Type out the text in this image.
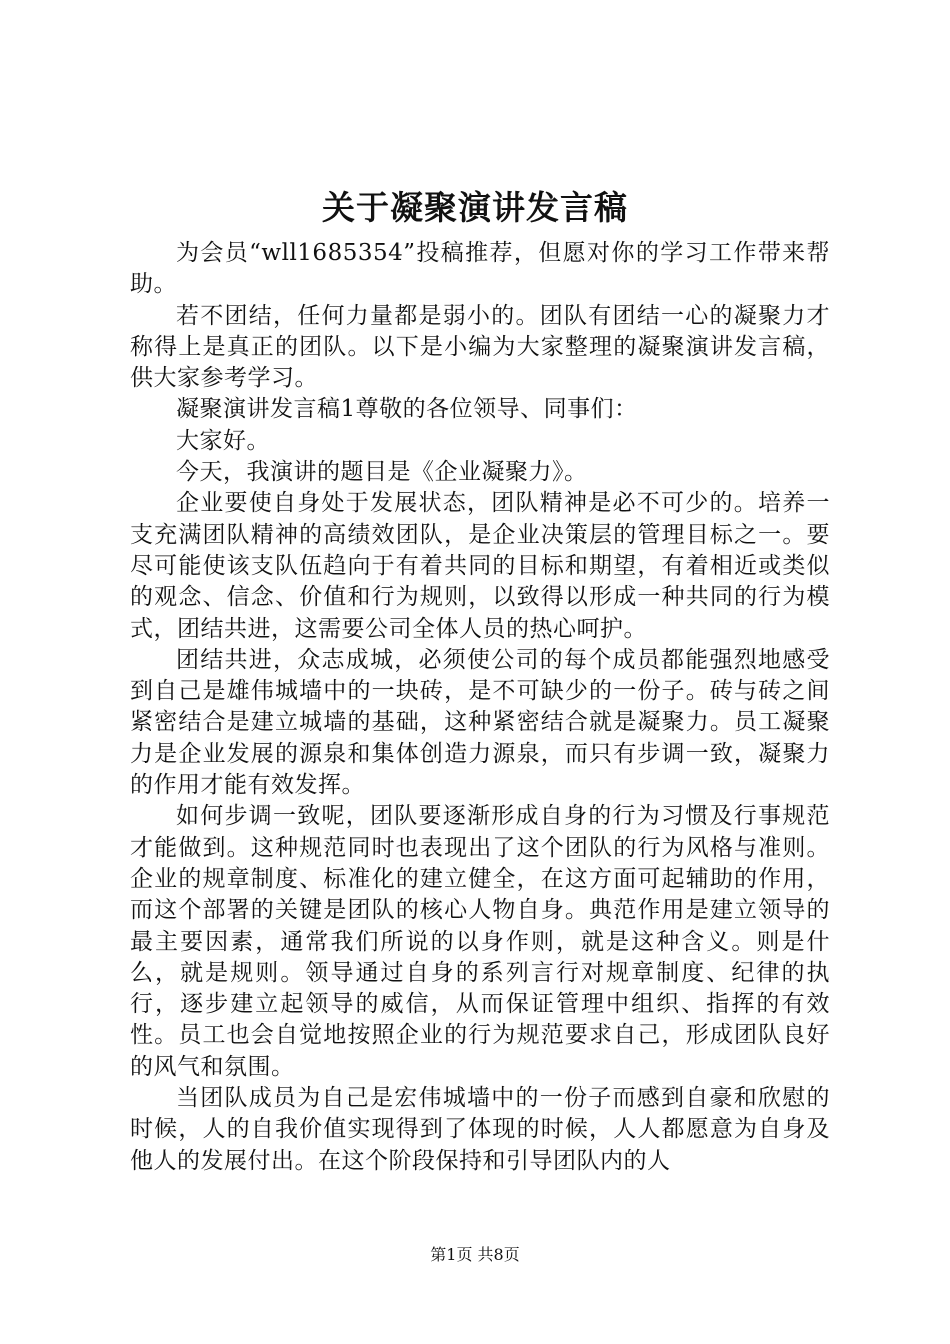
关于凝聚演讲发言稿

为会员“wll1685354”投稿推荐，但愿对你的学习工作带来帮助。

若不团结，任何力量都是弱小的。团队有团结一心的凝聚力才称得上是真正的团队。以下是小编为大家整理的凝聚演讲发言稿，供大家参考学习。

凝聚演讲发言稿1尊敬的各位领导、同事们：

大家好。

今天，我演讲的题目是《企业凝聚力》。

企业要使自身处于发展状态，团队精神是必不可少的。培养一支充满团队精神的高绩效团队，是企业决策层的管理目标之一。要尽可能使该支队伍趋向于有着共同的目标和期望，有着相近或类似的观念、信念、价值和行为规则，以致得以形成一种共同的行为模式，团结共进，这需要公司全体人员的热心呵护。

团结共进，众志成城，必须使公司的每个成员都能强烈地感受到自己是雄伟城墙中的一块砖，是不可缺少的一份子。砖与砖之间紧密结合是建立城墙的基础，这种紧密结合就是凝聚力。员工凝聚力是企业发展的源泉和集体创造力源泉，而只有步调一致，凝聚力的作用才能有效发挥。

如何步调一致呢，团队要逐渐形成自身的行为习惯及行事规范才能做到。这种规范同时也表现出了这个团队的行为风格与准则。企业的规章制度、标准化的建立健全，在这方面可起辅助的作用，而这个部署的关键是团队的核心人物自身。典范作用是建立领导的最主要因素，通常我们所说的以身作则，就是这种含义。则是什么，就是规则。领导通过自身的系列言行对规章制度、纪律的执行，逐步建立起领导的威信，从而保证管理中组织、指挥的有效性。员工也会自觉地按照企业的行为规范要求自己，形成团队良好的风气和氛围。

当团队成员为自己是宏伟城墙中的一份子而感到自豪和欣慰的时候，人的自我价值实现得到了体现的时候，人人都愿意为自身及他人的发展付出。在这个阶段保持和引导团队内的人

第1页 共8页
